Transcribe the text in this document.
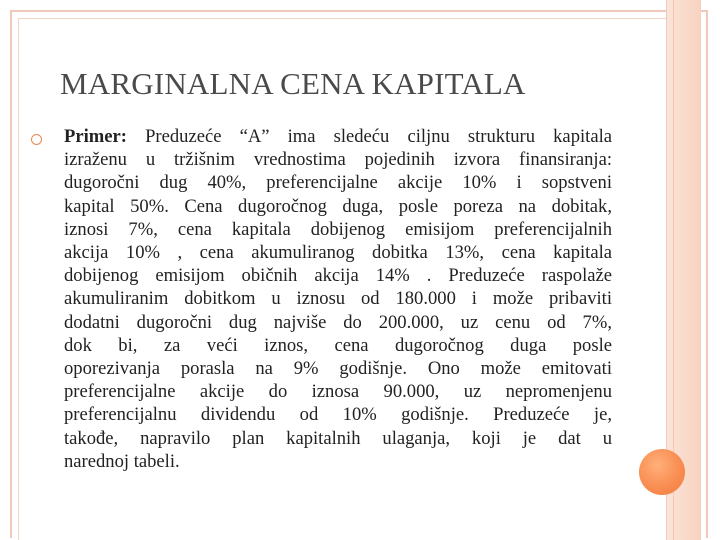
MARGINALNA CENA KAPITALA
Primer: Preduzeće “A” ima sledeću ciljnu strukturu kapitala
izraženu u tržišnim vrednostima pojedinih izvora finansiranja:
dugoročni dug 40%, preferencijalne akcije 10% i sopstveni
kapital 50%. Cena dugoročnog duga, posle poreza na dobitak,
iznosi 7%, cena kapitala dobijenog emisijom preferencijalnih
akcija 10% , cena akumuliranog dobitka 13%, cena kapitala
dobijenog emisijom običnih akcija 14% . Preduzeće raspolaže
akumuliranim dobitkom u iznosu od 180.000 i može pribaviti
dodatni dugoročni dug najviše do 200.000, uz cenu od 7%,
dok bi, za veći iznos, cena dugoročnog duga posle
oporezivanja porasla na 9% godišnje. Ono može emitovati
preferencijalne akcije do iznosa 90.000, uz nepromenjenu
preferencijalnu dividendu od 10% godišnje. Preduzeće je,
takođe, napravilo plan kapitalnih ulaganja, koji je dat u
narednoj tabeli.
